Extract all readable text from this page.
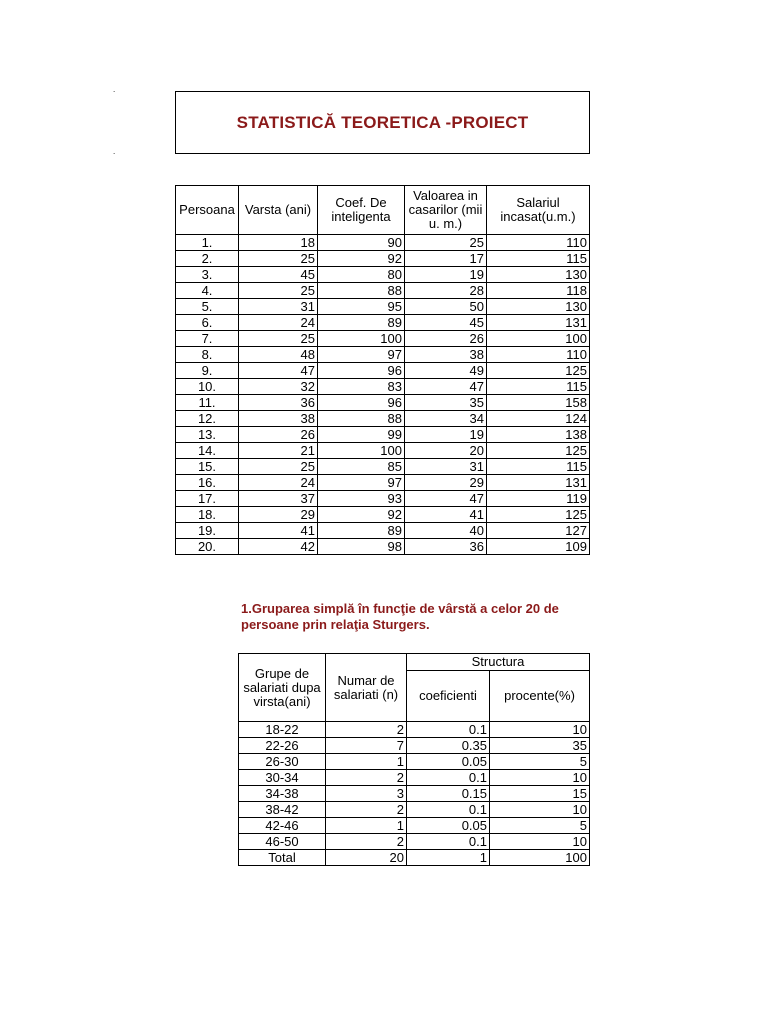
.
.
STATISTICĂ TEORETICA -PROIECT
Persoana	Varsta (ani)	Coef. De inteligenta	Valoarea in casarilor (mii u. m.)	Salariul incasat(u.m.)
1.	18	90	25	110
2.	25	92	17	115
3.	45	80	19	130
4.	25	88	28	118
5.	31	95	50	130
6.	24	89	45	131
7.	25	100	26	100
8.	48	97	38	110
9.	47	96	49	125
10.	32	83	47	115
11.	36	96	35	158
12.	38	88	34	124
13.	26	99	19	138
14.	21	100	20	125
15.	25	85	31	115
16.	24	97	29	131
17.	37	93	47	119
18.	29	92	41	125
19.	41	89	40	127
20.	42	98	36	109
1.Gruparea simplă în funcţie de vârstă a celor 20 de persoane prin relaţia Sturgers.
Grupe de salariati dupa virsta(ani)	Numar de salariati (n)	Structura	
		coeficienti	procente(%)
18-22	2	0.1	10
22-26	7	0.35	35
26-30	1	0.05	5
30-34	2	0.1	10
34-38	3	0.15	15
38-42	2	0.1	10
42-46	1	0.05	5
46-50	2	0.1	10
Total	20	1	100
